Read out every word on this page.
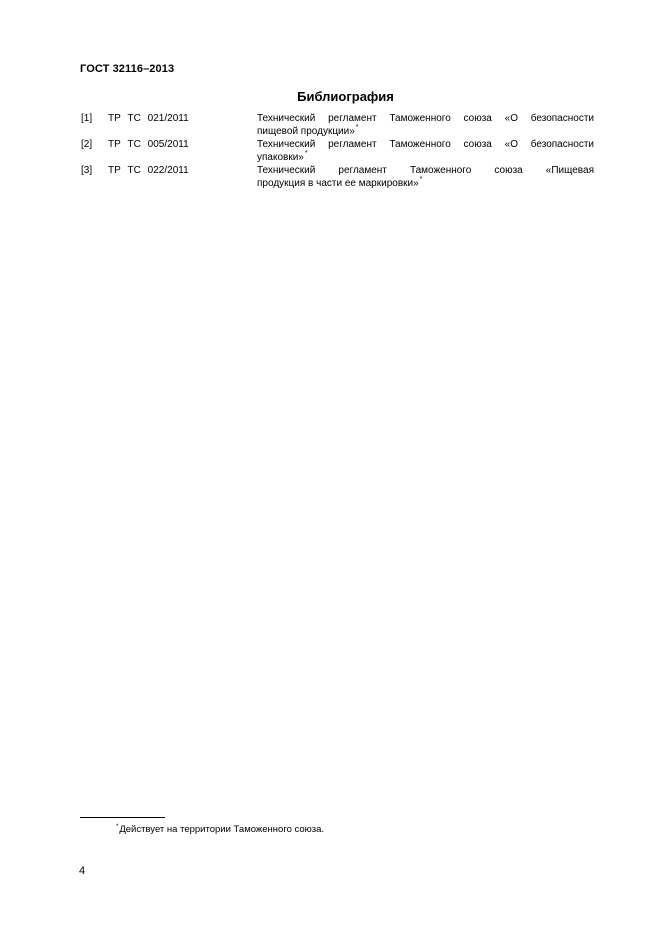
ГОСТ 32116–2013
Библиография
[1] ТР ТС 021/2011	Технический регламент Таможенного союза «О безопасности
пищевой продукции»*
[2] ТР ТС 005/2011	Технический регламент Таможенного союза «О безопасности
упаковки»*
[3] ТР ТС 022/2011	Технический регламент Таможенного союза «Пищевая
продукция в части ее маркировки»*
*Действует на территории Таможенного союза.
4
